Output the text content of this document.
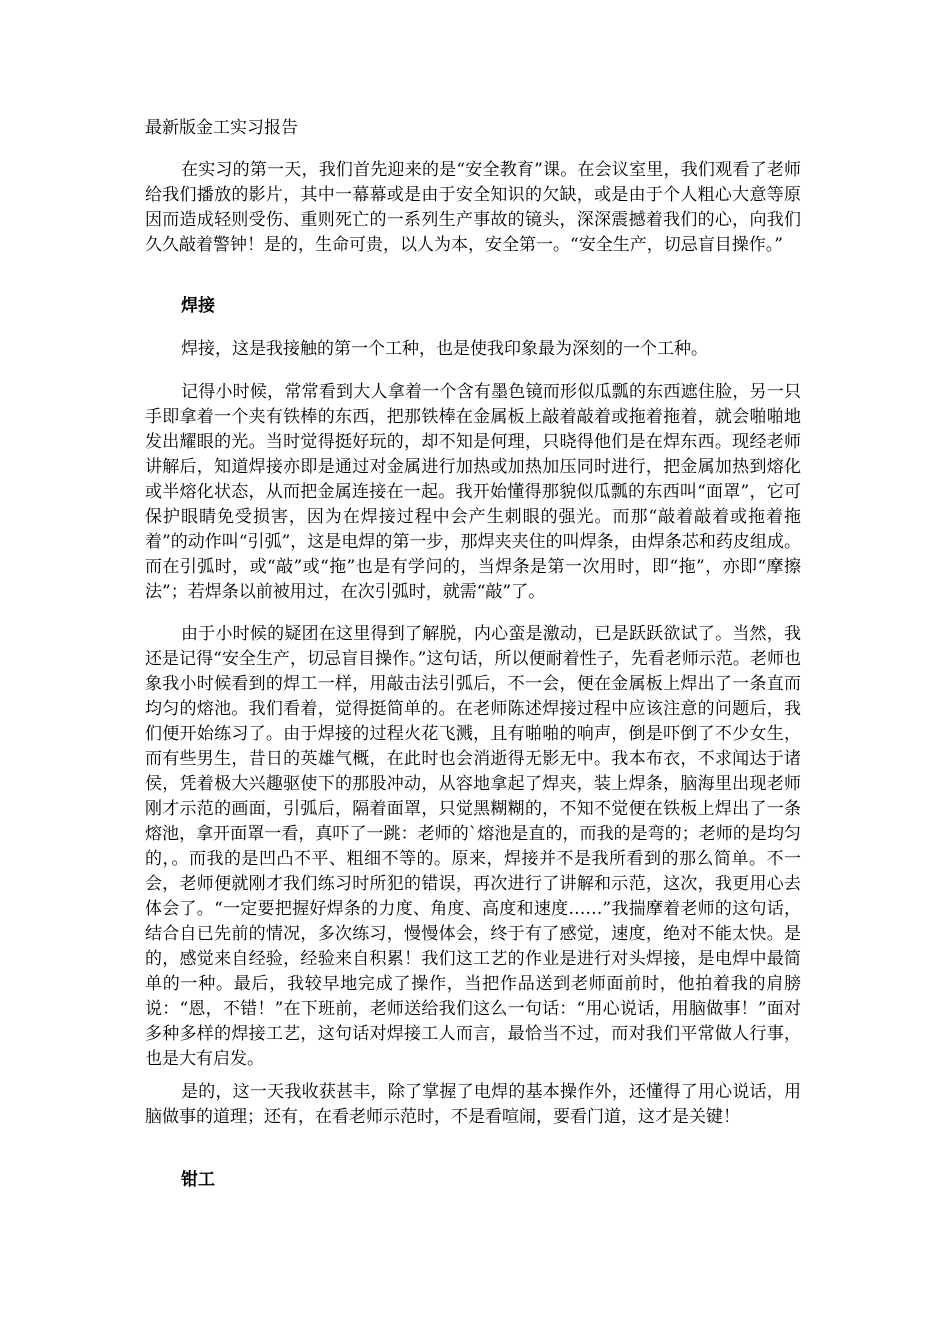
最新版金工实习报告

在实习的第一天，我们首先迎来的是“安全教育”课。在会议室里，我们观看了老师给我们播放的影片，其中一幕幕或是由于安全知识的欠缺，或是由于个人粗心大意等原因而造成轻则受伤、重则死亡的一系列生产事故的镜头，深深震撼着我们的心，向我们久久敲着警钟！是的，生命可贵，以人为本，安全第一。“安全生产，切忌盲目操作。”

焊接

焊接，这是我接触的第一个工种，也是使我印象最为深刻的一个工种。

记得小时候，常常看到大人拿着一个含有墨色镜而形似瓜瓢的东西遮住脸，另一只手即拿着一个夹有铁棒的东西，把那铁棒在金属板上敲着敲着或拖着拖着，就会啪啪地发出耀眼的光。当时觉得挺好玩的，却不知是何理，只晓得他们是在焊东西。现经老师讲解后，知道焊接亦即是通过对金属进行加热或加热加压同时进行，把金属加热到熔化或半熔化状态，从而把金属连接在一起。我开始懂得那貌似瓜瓢的东西叫“面罩”，它可保护眼睛免受损害，因为在焊接过程中会产生刺眼的强光。而那“敲着敲着或拖着拖着”的动作叫“引弧”，这是电焊的第一步，那焊夹夹住的叫焊条，由焊条芯和药皮组成。而在引弧时，或“敲”或“拖”也是有学问的，当焊条是第一次用时，即“拖”，亦即“摩擦法”；若焊条以前被用过，在次引弧时，就需“敲”了。

由于小时候的疑团在这里得到了解脱，内心蛮是激动，已是跃跃欲试了。当然，我还是记得“安全生产，切忌盲目操作。”这句话，所以便耐着性子，先看老师示范。老师也象我小时候看到的焊工一样，用敲击法引弧后，不一会，便在金属板上焊出了一条直而均匀的熔池。我们看着，觉得挺简单的。在老师陈述焊接过程中应该注意的问题后，我们便开始练习了。由于焊接的过程火花飞溅，且有啪啪的响声，倒是吓倒了不少女生，而有些男生，昔日的英雄气概，在此时也会消逝得无影无中。我本布衣，不求闻达于诸侯，凭着极大兴趣驱使下的那股冲动，从容地拿起了焊夹，装上焊条，脑海里出现老师刚才示范的画面，引弧后，隔着面罩，只觉黑糊糊的，不知不觉便在铁板上焊出了一条熔池，拿开面罩一看，真吓了一跳：老师的`熔池是直的，而我的是弯的；老师的是均匀的，。而我的是凹凸不平、粗细不等的。原来，焊接并不是我所看到的那么简单。不一会，老师便就刚才我们练习时所犯的错误，再次进行了讲解和示范，这次，我更用心去体会了。“一定要把握好焊条的力度、角度、高度和速度……”我揣摩着老师的这句话，结合自已先前的情况，多次练习，慢慢体会，终于有了感觉，速度，绝对不能太快。是的，感觉来自经验，经验来自积累！我们这工艺的作业是进行对头焊接，是电焊中最简单的一种。最后，我较早地完成了操作，当把作品送到老师面前时，他拍着我的肩膀说：“恩，不错！”在下班前，老师送给我们这么一句话：“用心说话，用脑做事！”面对多种多样的焊接工艺，这句话对焊接工人而言，最恰当不过，而对我们平常做人行事，也是大有启发。

是的，这一天我收获甚丰，除了掌握了电焊的基本操作外，还懂得了用心说话，用脑做事的道理；还有，在看老师示范时，不是看喧闹，要看门道，这才是关键！

钳工
